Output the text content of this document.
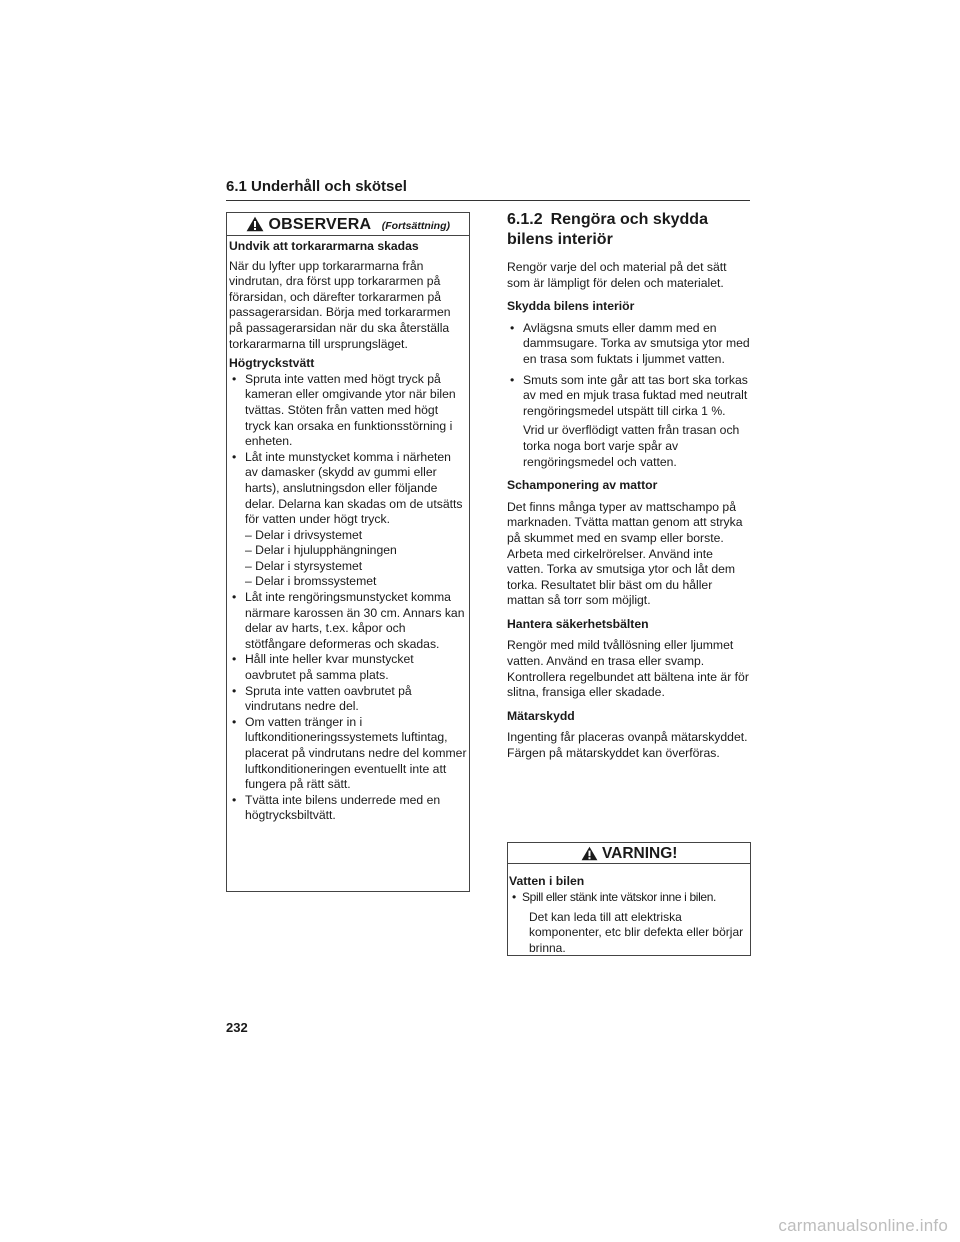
6.1 Underhåll och skötsel
OBSERVERA (Fortsättning)

Undvik att torkararmarna skadas

När du lyfter upp torkararmarna från vindrutan, dra först upp torkararmen på förarsidan, och därefter torkararmen på passagerarsidan. Börja med torkararmen på passagerarsidan när du ska återställa torkararmarna till ursprungsläget.

Högtryckstvätt

• Spruta inte vatten med högt tryck på kameran eller omgivande ytor när bilen tvättas. Stöten från vatten med högt tryck kan orsaka en funktionsstörning i enheten.
• Låt inte munstycket komma i närheten av damasker (skydd av gummi eller harts), anslutningsdon eller följande delar. Delarna kan skadas om de utsätts för vatten under högt tryck.
– Delar i drivsystemet
– Delar i hjulupphängningen
– Delar i styrsystemet
– Delar i bromssystemet
• Låt inte rengöringsmunstycket komma närmare karossen än 30 cm. Annars kan delar av harts, t.ex. kåpor och stötfångare deformeras och skadas.
• Håll inte heller kvar munstycket oavbrutet på samma plats.
• Spruta inte vatten oavbrutet på vindrutans nedre del.
• Om vatten tränger in i luftkonditioneringssystemets luftintag, placerat på vindrutans nedre del kommer luftkonditioneringen eventuellt inte att fungera på rätt sätt.
• Tvätta inte bilens underrede med en högtrycksbiltvätt.
6.1.2 Rengöra och skydda bilens interiör

Rengör varje del och material på det sätt som är lämpligt för delen och materialet.

Skydda bilens interiör

• Avlägsna smuts eller damm med en dammsugare. Torka av smutsiga ytor med en trasa som fuktats i ljummet vatten.
• Smuts som inte går att tas bort ska torkas av med en mjuk trasa fuktad med neutralt rengöringsmedel utspätt till cirka 1 %.

Vrid ur överflödigt vatten från trasan och torka noga bort varje spår av rengöringsmedel och vatten.

Schamponering av mattor

Det finns många typer av mattschampo på marknaden. Tvätta mattan genom att stryka på skummet med en svamp eller borste. Arbeta med cirkelrörelser. Använd inte vatten. Torka av smutsiga ytor och låt dem torka. Resultatet blir bäst om du håller mattan så torr som möjligt.

Hantera säkerhetsbälten

Rengör med mild tvållösning eller ljummet vatten. Använd en trasa eller svamp. Kontrollera regelbundet att bältena inte är för slitna, fransiga eller skadade.

Mätarskydd

Ingenting får placeras ovanpå mätarskyddet. Färgen på mätarskyddet kan överföras.

VARNING!

Vatten i bilen

• Spill eller stänk inte vätskor inne i bilen.

Det kan leda till att elektriska komponenter, etc blir defekta eller börjar brinna.

232
carmanualsonline.info
